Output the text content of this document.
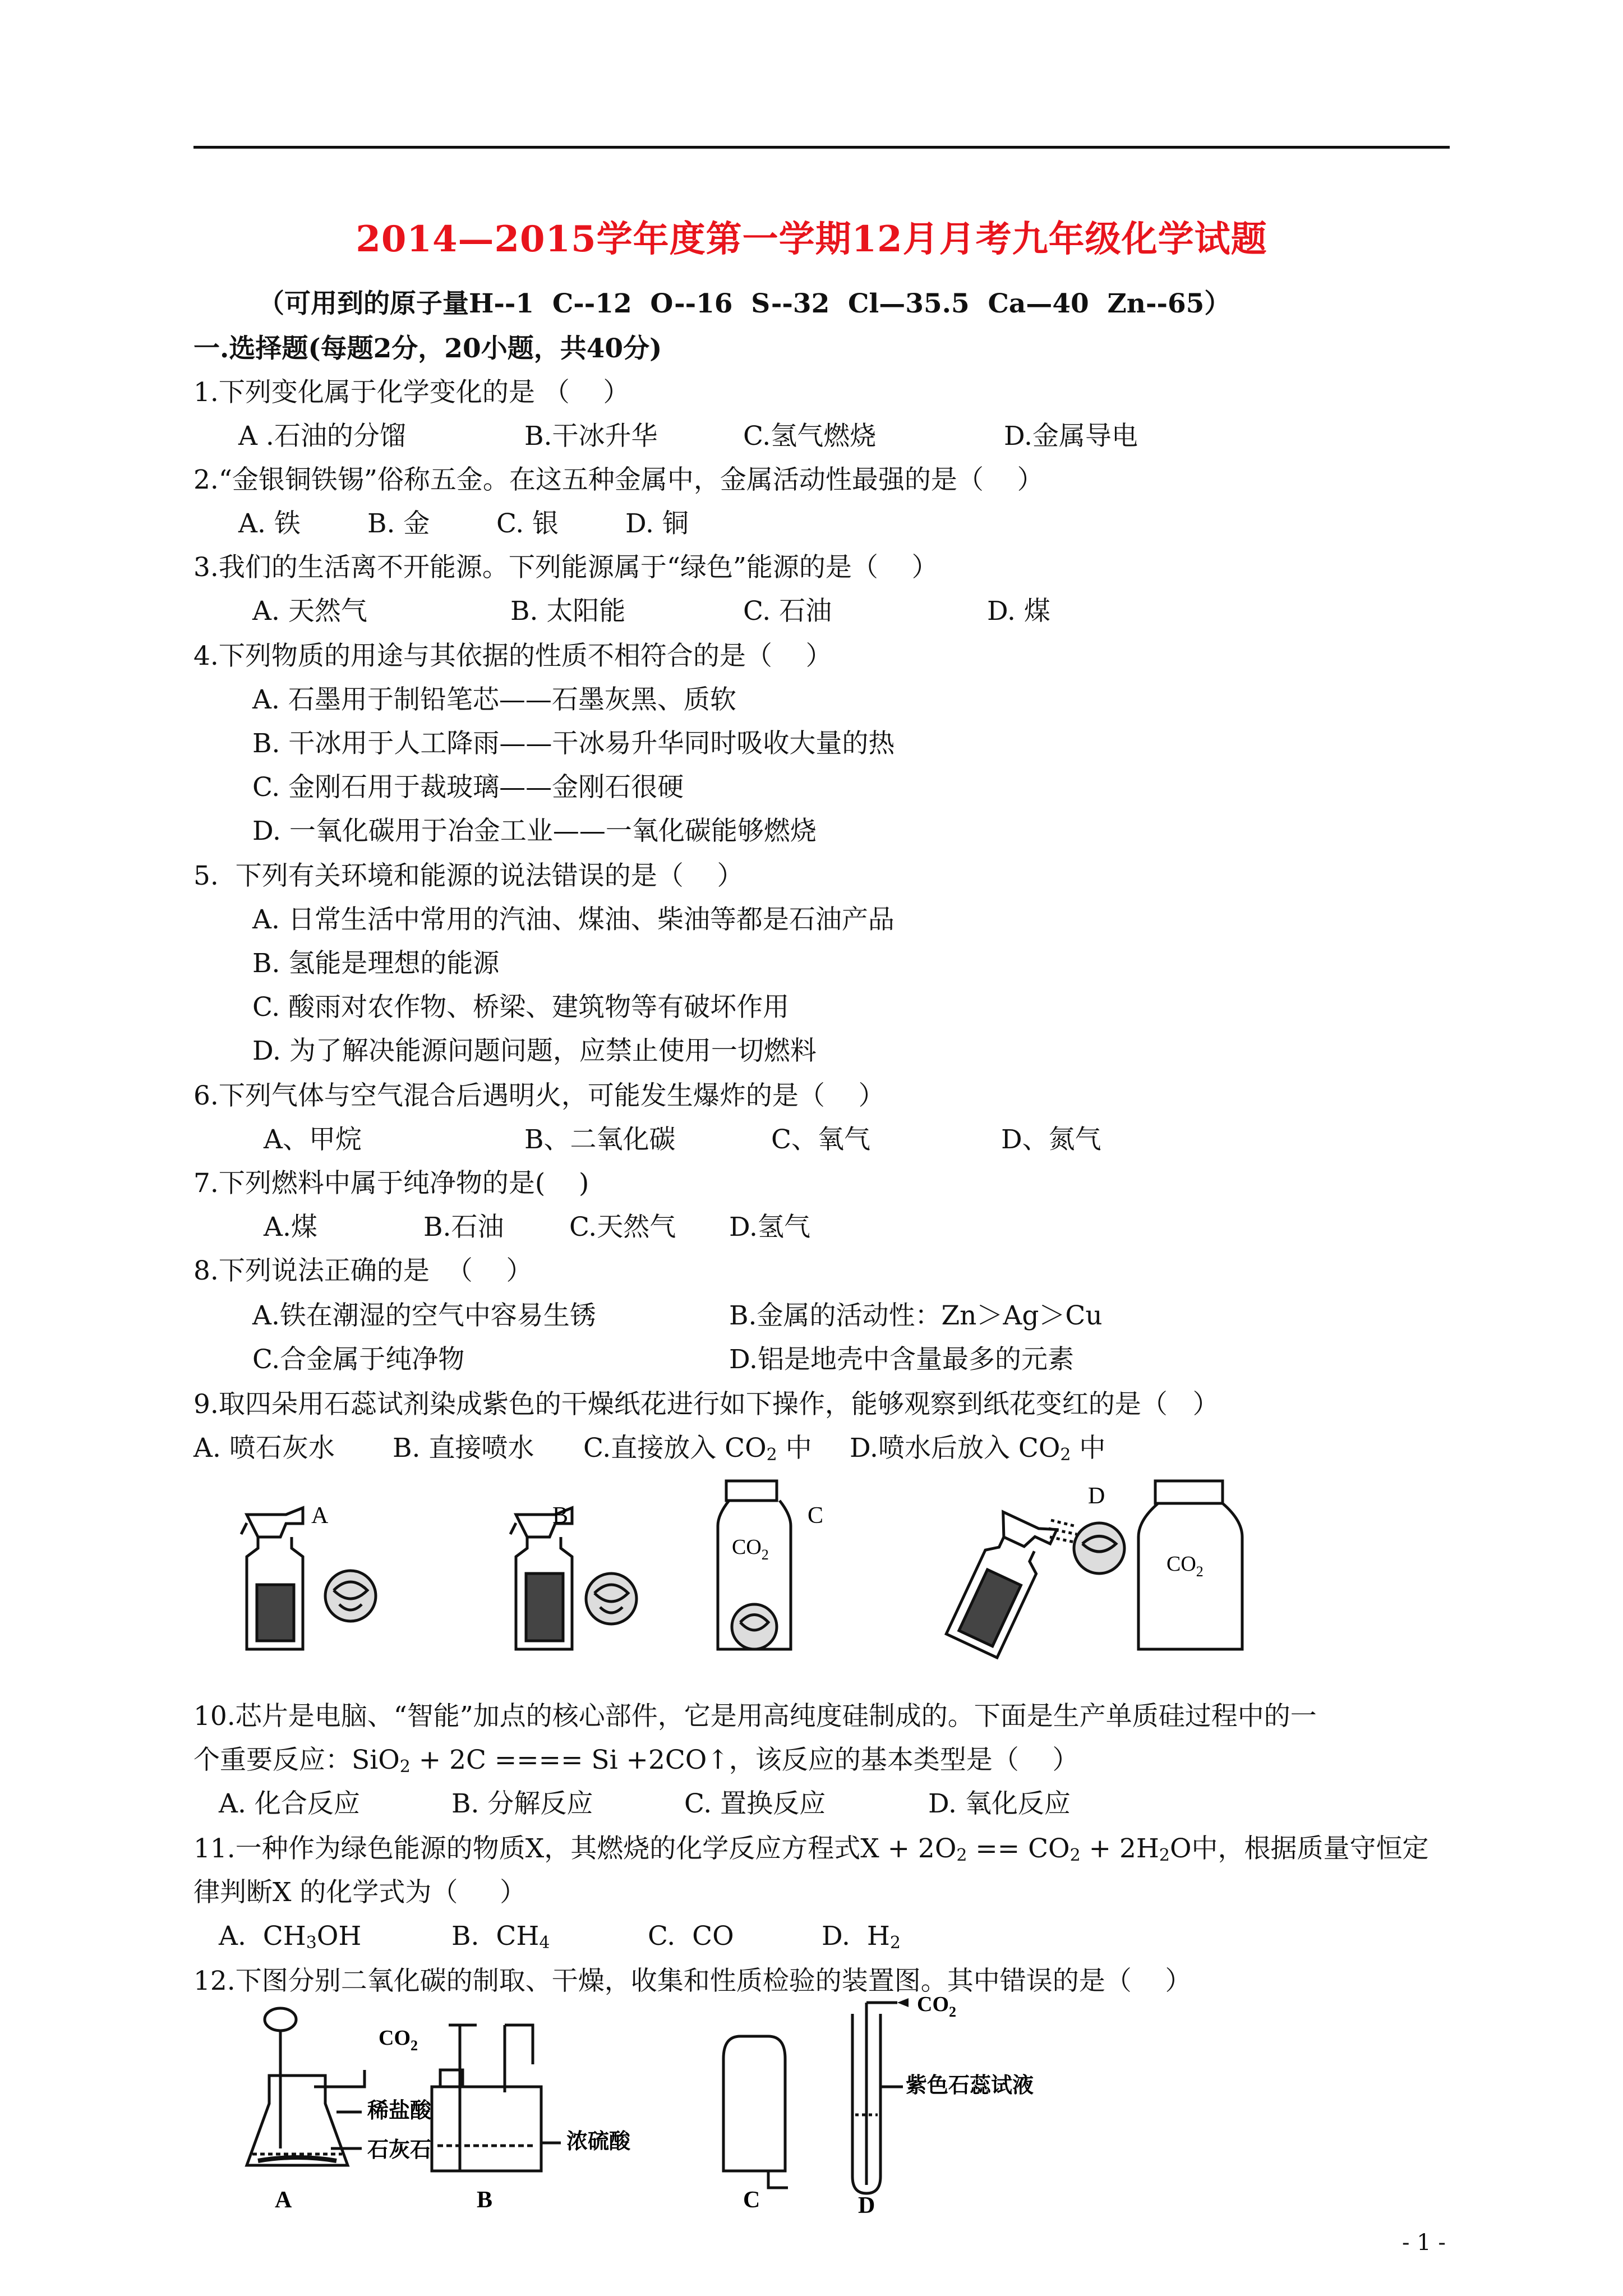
2014—2015学年度第一学期12月月考九年级化学试题
（可用到的原子量H--1  C--12  O--16  S--32  Cl—35.5  Ca—40  Zn--65）
一.选择题(每题2分，20小题，共40分)
1.下列变化属于化学变化的是 （    ）
A .石油的分馏	B.干冰升华	C.氢气燃烧	D.金属导电
2.“金银铜铁锡”俗称五金。在这五种金属中，金属活动性最强的是（    ）
A. 铁	B. 金	C. 银	D. 铜
3.我们的生活离不开能源。下列能源属于“绿色”能源的是（    ）
A. 天然气	B. 太阳能	C. 石油	D. 煤
4.下列物质的用途与其依据的性质不相符合的是（    ）
A. 石墨用于制铅笔芯——石墨灰黑、质软
B. 干冰用于人工降雨——干冰易升华同时吸收大量的热
C. 金刚石用于裁玻璃——金刚石很硬
D. 一氧化碳用于冶金工业——一氧化碳能够燃烧
5.  下列有关环境和能源的说法错误的是（    ）
A. 日常生活中常用的汽油、煤油、柴油等都是石油产品
B. 氢能是理想的能源
C. 酸雨对农作物、桥梁、建筑物等有破坏作用
D. 为了解决能源问题问题，应禁止使用一切燃料
6.下列气体与空气混合后遇明火，可能发生爆炸的是（    ）
A、甲烷	B、二氧化碳	C、氧气	D、氮气
7.下列燃料中属于纯净物的是(    )
A.煤	B.石油 C.天然气 D.氢气
8.下列说法正确的是  （    ）
A.铁在潮湿的空气中容易生锈	B.金属的活动性：Zn＞Ag＞Cu
C.合金属于纯净物	D.铝是地壳中含量最多的元素
9.取四朵用石蕊试剂染成紫色的干燥纸花进行如下操作，能够观察到纸花变红的是（   ）
A. 喷石灰水 B. 直接喷水 C.直接放入 $CO_2$ 中 D.喷水后放入 $CO_2$ 中
A	B	C
D
$CO_2$	$CO_2$
10.芯片是电脑、“智能”加点的核心部件，它是用高纯度硅制成的。下面是生产单质硅过程中的一
个重要反应：SiO$_2$ + 2C ==== Si +2CO↑，该反应的基本类型是（    ）
A. 化合反应	B. 分解反应	C. 置换反应	D. 氧化反应
11.一种作为绿色能源的物质X，其燃烧的化学反应方程式$X + 2O_2 == CO_2 + 2H_2O$中，根据质量守恒定
律判断X 的化学式为（     ）
A.  $CH_3OH$	B.  $CH_4$	C.  CO	D.  $H_2$
12.下图分别二氧化碳的制取、干燥，收集和性质检验的装置图。其中错误的是（    ）
稀盐酸
石灰石	浓硫酸
紫色石蕊试液
$CO_2$
$CO_2$
A	B	C	D
- 1 -
